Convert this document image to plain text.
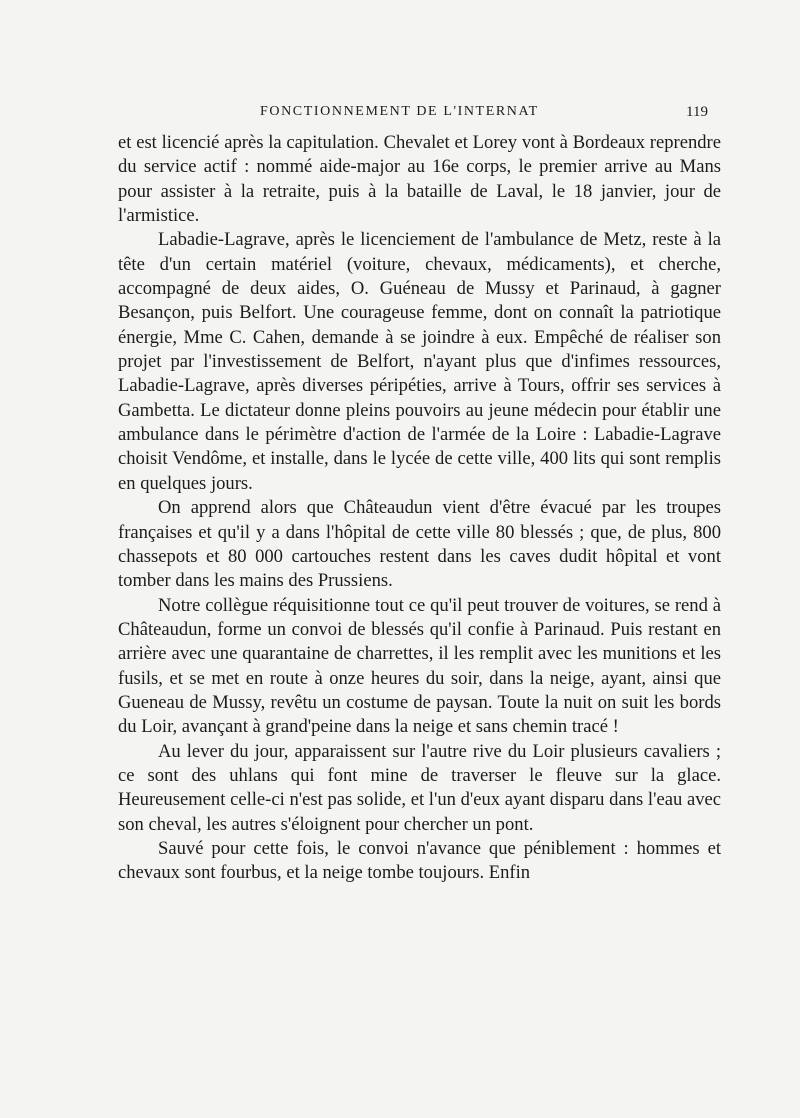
FONCTIONNEMENT DE L'INTERNAT	119

et est licencié après la capitulation. Chevalet et Lorey vont à Bordeaux reprendre du service actif : nommé aide-major au 16e corps, le premier arrive au Mans pour assister à la retraite, puis à la bataille de Laval, le 18 janvier, jour de l'armistice.

Labadie-Lagrave, après le licenciement de l'ambulance de Metz, reste à la tête d'un certain matériel (voiture, chevaux, médicaments), et cherche, accompagné de deux aides, O. Guéneau de Mussy et Parinaud, à gagner Besançon, puis Belfort. Une courageuse femme, dont on connaît la patriotique énergie, Mme C. Cahen, demande à se joindre à eux. Empêché de réaliser son projet par l'investissement de Belfort, n'ayant plus que d'infimes ressources, Labadie-Lagrave, après diverses péripéties, arrive à Tours, offrir ses services à Gambetta. Le dictateur donne pleins pouvoirs au jeune médecin pour établir une ambulance dans le périmètre d'action de l'armée de la Loire : Labadie-Lagrave choisit Vendôme, et installe, dans le lycée de cette ville, 400 lits qui sont remplis en quelques jours.

On apprend alors que Châteaudun vient d'être évacué par les troupes françaises et qu'il y a dans l'hôpital de cette ville 80 blessés ; que, de plus, 800 chassepots et 80 000 cartouches restent dans les caves dudit hôpital et vont tomber dans les mains des Prussiens.

Notre collègue réquisitionne tout ce qu'il peut trouver de voitures, se rend à Châteaudun, forme un convoi de blessés qu'il confie à Parinaud. Puis restant en arrière avec une quarantaine de charrettes, il les remplit avec les munitions et les fusils, et se met en route à onze heures du soir, dans la neige, ayant, ainsi que Gueneau de Mussy, revêtu un costume de paysan. Toute la nuit on suit les bords du Loir, avançant à grand'peine dans la neige et sans chemin tracé !

Au lever du jour, apparaissent sur l'autre rive du Loir plusieurs cavaliers ; ce sont des uhlans qui font mine de traverser le fleuve sur la glace. Heureusement celle-ci n'est pas solide, et l'un d'eux ayant disparu dans l'eau avec son cheval, les autres s'éloignent pour chercher un pont.

Sauvé pour cette fois, le convoi n'avance que péniblement : hommes et chevaux sont fourbus, et la neige tombe toujours. Enfin
